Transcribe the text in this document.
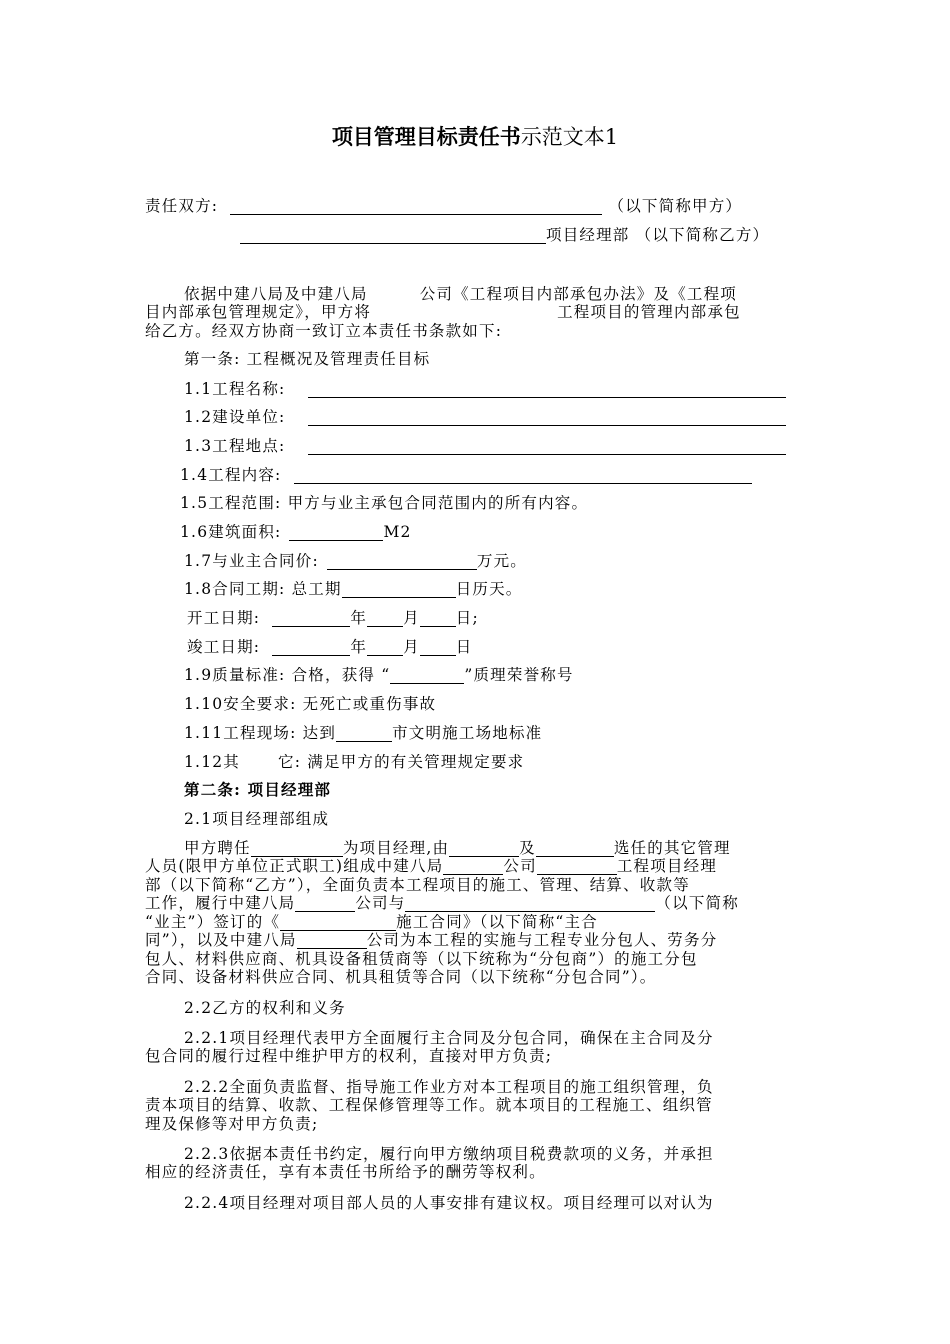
项目管理目标责任书示范文本1
责任双方:	（以下简称甲方）
项目经理部 （以下简称乙方）
依据中建八局及中建八局	公司《工程项目内部承包办法》及《工程项
目内部承包管理规定》，甲方将	工程项目的管理内部承包
给乙方。经双方协商一致订立本责任书条款如下:
第一条: 工程概况及管理责任目标
1.1工程名称:
1.2建设单位:
1.3工程地点:
1.4工程内容:
1.5工程范围: 甲方与业主承包合同范围内的所有内容。
1.6建筑面积:	M2
1.7与业主合同价:	万元。
1.8合同工期: 总工期	日历天。
开工日期:	年 月 日;
竣工日期:	年 月 日
1.9质量标准: 合格，获得 “	”质理荣誉称号
1.10安全要求: 无死亡或重伤事故
1.11工程现场: 达到	市文明施工场地标准
1.12其 它: 满足甲方的有关管理规定要求
第二条: 项目经理部
2.1项目经理部组成
甲方聘任	为项目经理,由	及	选任的其它管理
人员(限甲方单位正式职工)组成中建八局	公司	工程项目经理
部（以下简称“乙方”），全面负责本工程项目的施工、管理、结算、收款等
工作，履行中建八局	公司与	（以下简称
“业主”）签订的《	施工合同》（以下简称“主合
同”），以及中建八局	公司为本工程的实施与工程专业分包人、劳务分
包人、材料供应商、机具设备租赁商等（以下统称为“分包商”）的施工分包
合同、设备材料供应合同、机具租赁等合同（以下统称“分包合同”）。
2.2乙方的权利和义务
2.2.1项目经理代表甲方全面履行主合同及分包合同，确保在主合同及分
包合同的履行过程中维护甲方的权利，直接对甲方负责;
2.2.2全面负责监督、指导施工作业方对本工程项目的施工组织管理，负
责本项目的结算、收款、工程保修管理等工作。就本项目的工程施工、组织管
理及保修等对甲方负责;
2.2.3依据本责任书约定，履行向甲方缴纳项目税费款项的义务，并承担
相应的经济责任，享有本责任书所给予的酬劳等权利。
2.2.4项目经理对项目部人员的人事安排有建议权。项目经理可以对认为
